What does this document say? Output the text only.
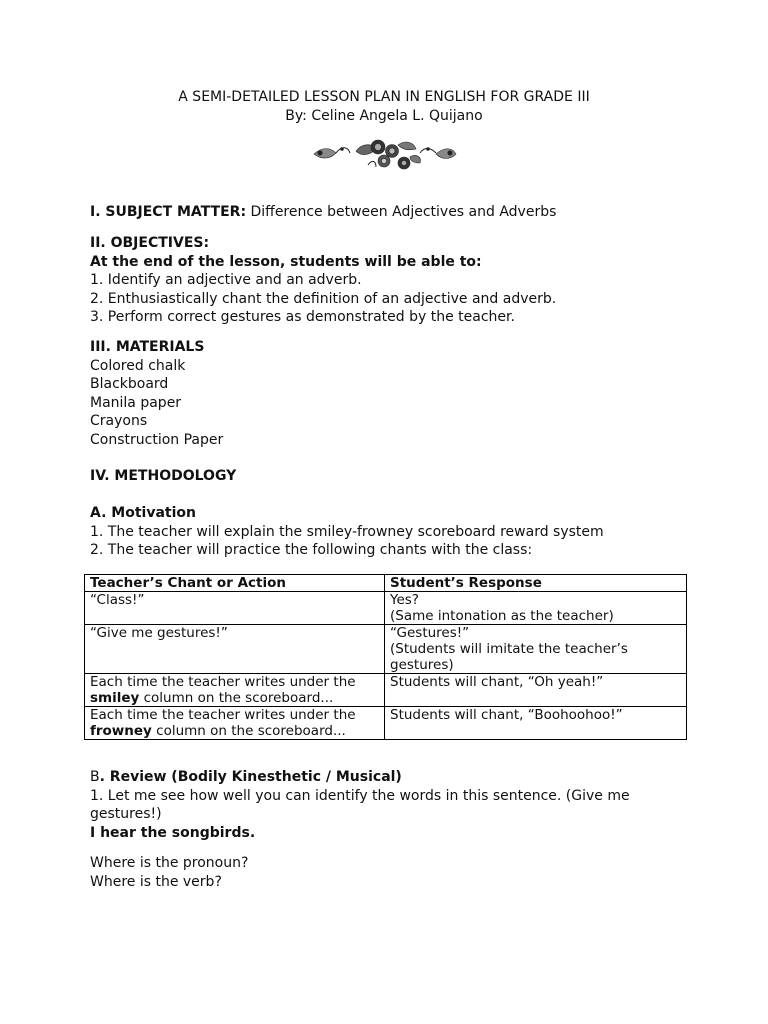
A SEMI-DETAILED LESSON PLAN IN ENGLISH FOR GRADE III
By: Celine Angela L. Quijano
I. SUBJECT MATTER: Difference between Adjectives and Adverbs
II. OBJECTIVES:
At the end of the lesson, students will be able to:
1. Identify an adjective and an adverb.
2. Enthusiastically chant the definition of an adjective and adverb.
3. Perform correct gestures as demonstrated by the teacher.
III. MATERIALS
Colored chalk
Blackboard
Manila paper
Crayons
Construction Paper
IV. METHODOLOGY
A. Motivation
1. The teacher will explain the smiley-frowney scoreboard reward system
2. The teacher will practice the following chants with the class:
Teacher’s Chant or Action	Student’s Response

“Class!”	Yes?
(Same intonation as the teacher)

“Give me gestures!”	“Gestures!”
(Students will imitate the teacher’s
gestures)

Each time the teacher writes under the
smiley column on the scoreboard...	Students will chant, “Oh yeah!”

Each time the teacher writes under the
frowney column on the scoreboard...	Students will chant, “Boohoohoo!”
B. Review (Bodily Kinesthetic / Musical)
1. Let me see how well you can identify the words in this sentence. (Give me
gestures!)
I hear the songbirds.
Where is the pronoun?
Where is the verb?
